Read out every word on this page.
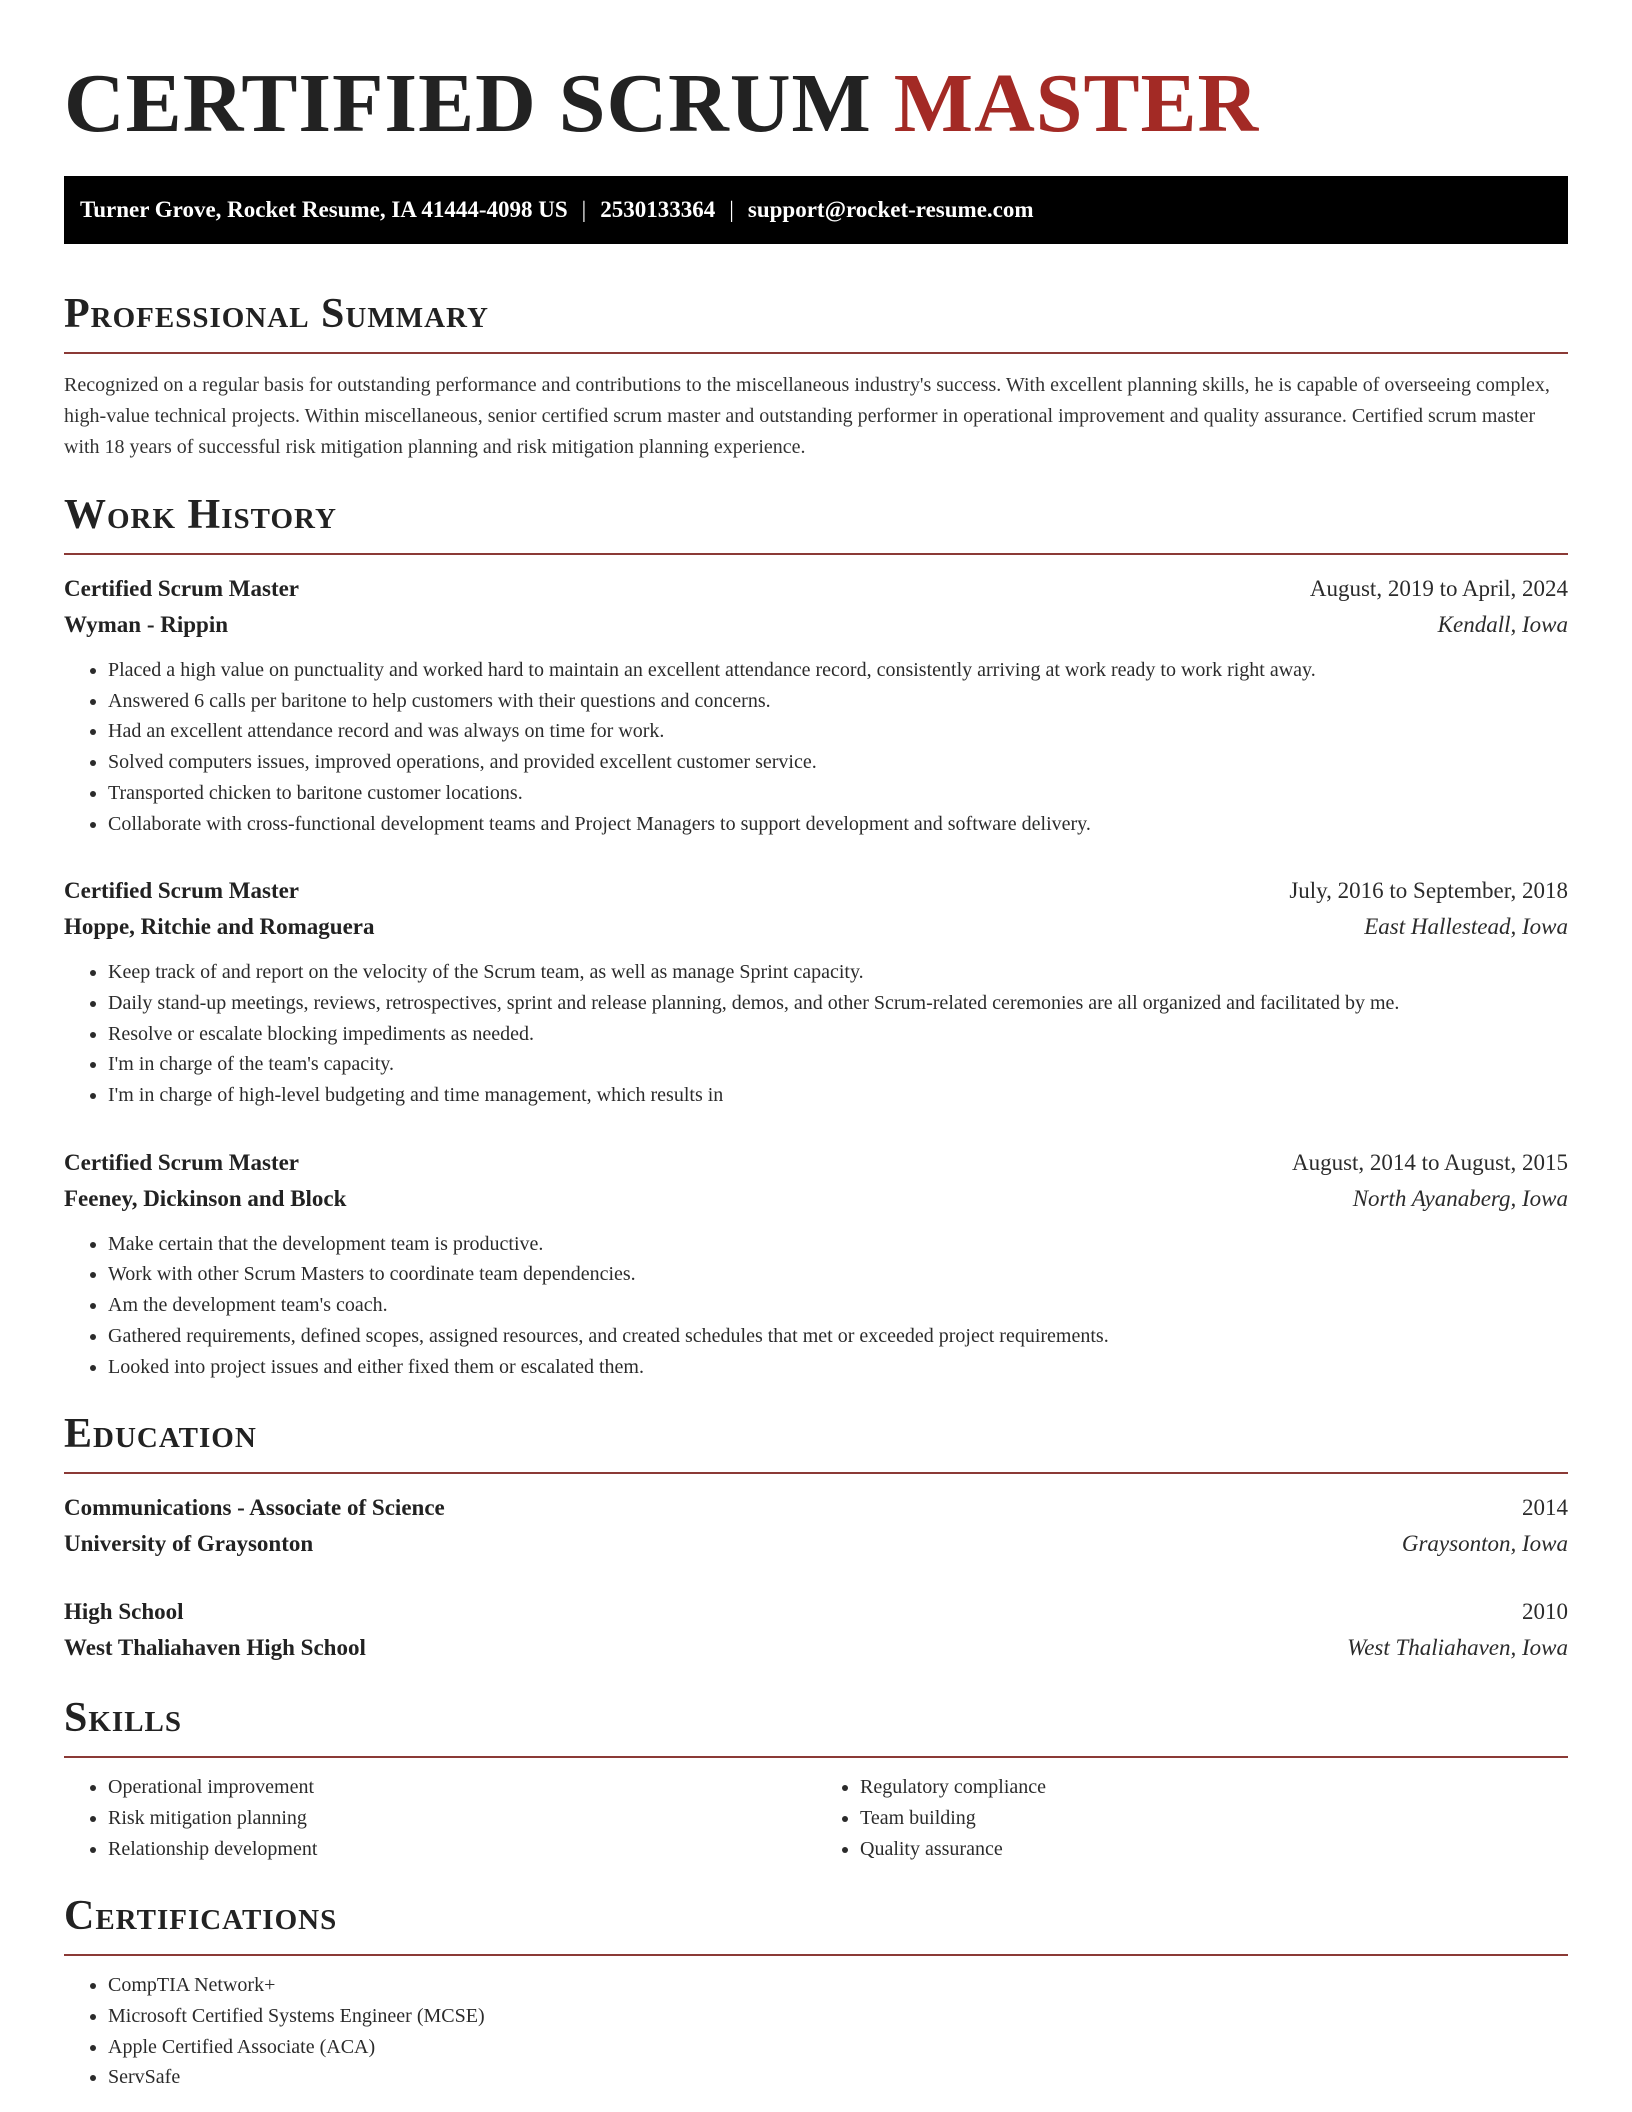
CERTIFIED SCRUM MASTER
Turner Grove, Rocket Resume, IA 41444-4098 US | 2530133364 | support@rocket-resume.com
Professional Summary

Recognized on a regular basis for outstanding performance and contributions to the miscellaneous industry's success. With excellent planning skills, he is capable of overseeing complex, high-value technical projects. Within miscellaneous, senior certified scrum master and outstanding performer in operational improvement and quality assurance. Certified scrum master with 18 years of successful risk mitigation planning and risk mitigation planning experience.

Work History
Certified Scrum Master	August, 2019 to April, 2024
Wyman - Rippin	Kendall, Iowa
• Placed a high value on punctuality and worked hard to maintain an excellent attendance record, consistently arriving at work ready to work right away.
• Answered 6 calls per baritone to help customers with their questions and concerns.
• Had an excellent attendance record and was always on time for work.
• Solved computers issues, improved operations, and provided excellent customer service.
• Transported chicken to baritone customer locations.
• Collaborate with cross-functional development teams and Project Managers to support development and software delivery.
Certified Scrum Master	July, 2016 to September, 2018
Hoppe, Ritchie and Romaguera	East Hallestead, Iowa
• Keep track of and report on the velocity of the Scrum team, as well as manage Sprint capacity.
• Daily stand-up meetings, reviews, retrospectives, sprint and release planning, demos, and other Scrum-related ceremonies are all organized and facilitated by me.
• Resolve or escalate blocking impediments as needed.
• I'm in charge of the team's capacity.
• I'm in charge of high-level budgeting and time management, which results in
Certified Scrum Master	August, 2014 to August, 2015
Feeney, Dickinson and Block	North Ayanaberg, Iowa
• Make certain that the development team is productive.
• Work with other Scrum Masters to coordinate team dependencies.
• Am the development team's coach.
• Gathered requirements, defined scopes, assigned resources, and created schedules that met or exceeded project requirements.
• Looked into project issues and either fixed them or escalated them.
Education
Communications - Associate of Science	2014
University of Graysonton	Graysonton, Iowa
High School	2010
West Thaliahaven High School	West Thaliahaven, Iowa
Skills
• Operational improvement
• Risk mitigation planning
• Relationship development
• Regulatory compliance
• Team building
• Quality assurance
Certifications
• CompTIA Network+
• Microsoft Certified Systems Engineer (MCSE)
• Apple Certified Associate (ACA)
• ServSafe
